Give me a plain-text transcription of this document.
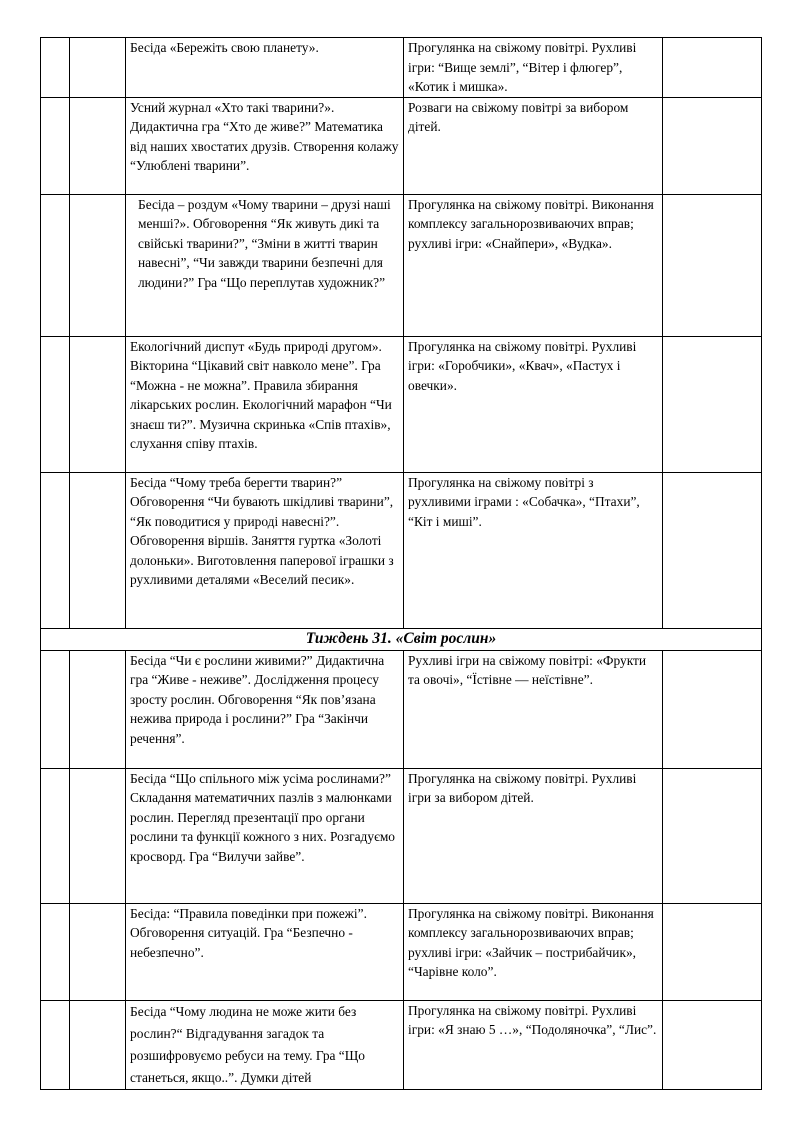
		Бесіда «Бережіть свою планету».	Прогулянка на свіжому повітрі. Рухливі ігри: “Вище землі”, “Вітер і флюгер”, «Котик і мишка».	

		Усний журнал «Хто такі тварини?». Дидактична гра “Хто де живе?” Математика від наших хвостатих друзів. Створення колажу “Улюблені тварини”.	Розваги на свіжому повітрі за вибором дітей.	

		Бесіда – роздум «Чому тварини – друзі наші менші?». Обговорення “Як живуть дикі та свійські тварини?”, “Зміни в житті тварин навесні”, “Чи завжди тварини безпечні для людини?” Гра “Що переплутав художник?”	Прогулянка на свіжому повітрі. Виконання комплексу загальнорозвиваючих вправ; рухливі ігри: «Снайпери», «Вудка».	

		Екологічний диспут «Будь природі другом». Вікторина “Цікавий світ навколо мене”. Гра “Можна - не можна”. Правила збирання лікарських рослин. Екологічний марафон “Чи знаєш ти?”. Музична скринька «Спів птахів», слухання співу птахів.	Прогулянка на свіжому повітрі. Рухливі ігри: «Горобчики», «Квач», «Пастух і овечки».	

		Бесіда “Чому треба берегти тварин?” Обговорення “Чи бувають шкідливі тварини”, “Як поводитися у природі навесні?”. Обговорення віршів. Заняття гуртка «Золоті долоньки». Виготовлення паперової іграшки з рухливими деталями «Веселий песик».	Прогулянка на свіжому повітрі з рухливими іграми : «Собачка», “Птахи”, “Кіт і миші”.	

Тиждень 31. «Світ рослин»				

		Бесіда “Чи є рослини живими?” Дидактична гра “Живе - неживе”. Дослідження процесу зросту рослин. Обговорення “Як пов’язана нежива природа і рослини?” Гра “Закінчи речення”.	Рухливі ігри на свіжому повітрі: «Фрукти та овочі», “Їстівне — неїстівне”.	

		Бесіда “Що спільного між усіма рослинами?” Складання математичних пазлів з малюнками рослин. Перегляд презентації про органи рослини та функції кожного з них. Розгадуємо кросворд. Гра “Вилучи зайве”.	Прогулянка на свіжому повітрі. Рухливі ігри за вибором дітей.	

		Бесіда: “Правила поведінки при пожежі”. Обговорення ситуацій. Гра “Безпечно - небезпечно”.	Прогулянка на свіжому повітрі. Виконання комплексу загальнорозвиваючих вправ; рухливі ігри: «Зайчик – пострибайчик», “Чарівне коло”.	

		Бесіда “Чому людина не може жити без рослин?“ Відгадування загадок та розшифровуємо ребуси на тему. Гра “Що станеться, якщо..”. Думки дітей	Прогулянка на свіжому повітрі. Рухливі ігри: «Я знаю 5 …», “Подоляночка”, “Лис”.	
